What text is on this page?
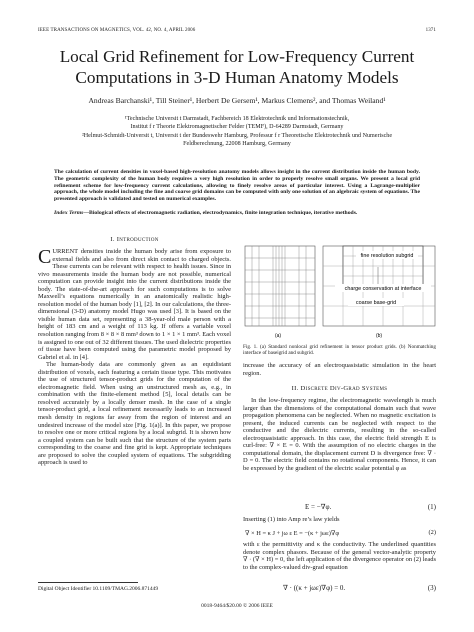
IEEE TRANSACTIONS ON MAGNETICS, VOL. 42, NO. 4, APRIL 2006	1371
Local Grid Refinement for Low-Frequency Current
Computations in 3-D Human Anatomy Models
Andreas Barchanski¹, Till Steiner¹, Herbert De Gersem¹, Markus Clemens², and Thomas Weiland¹
¹Technische Universit t Darmstadt, Fachbereich 18 Elektrotechnik und Informationstechnik,
Institut f r Theorie Elektromagnetischer Felder (TEMF), D-64289 Darmstadt, Germany
²Helmut-Schmidt-Universit t, Universit t der Bundeswehr Hamburg, Professur f r Theoretische Elektrotechnik und Numerische
Feldberechnung, 22008 Hamburg, Germany
The calculation of current densities in voxel-based high-resolution anatomy models allows insight in the current distribution inside the human body. The geometric complexity of the human body requires a very high resolution in order to properly resolve small organs. We present a local grid refinement scheme for low-frequency current calculations, allowing to finely resolve areas of particular interest. Using a Lagrange-multiplier approach, the whole model including the fine and coarse grid domains can be computed with only one solution of an algebraic system of equations. The presented approach is validated and tested on numerical examples.
Index Terms—Biological effects of electromagnetic radiation, electrodynamics, finite integration technique, iterative methods.
I. Introduction

CURRENT densities inside the human body arise from exposure to external fields and also from direct skin contact to charged objects. These currents can be relevant with respect to health issues. Since in vivo measurements inside the human body are not possible, numerical computation can provide insight into the current distributions inside the body. The state-of-the-art approach for such computations is to solve Maxwell’s equations numerically in an anatomically realistic high-resolution model of the human body [1], [2]. In our calculations, the three-dimensional (3-D) anatomy model Hugo was used [3]. It is based on the visible human data set, representing a 38-year-old male person with a height of 183 cm and a weight of 113 kg. If offers a variable voxel resolution ranging from 8 × 8 × 8 mm³ down to 1 × 1 × 1 mm³. Each voxel is assigned to one out of 32 different tissues. The used dielectric properties of tissue have been computed using the parametric model proposed by Gabriel et al. in [4].

The human-body data are commonly given as an equidistant distribution of voxels, each featuring a certain tissue type. This motivates the use of structured tensor-product grids for the computation of the electromagnetic field. When using an unstructured mesh as, e.g., in combination with the finite-element method [5], local details can be resolved accurately by a locally denser mesh. In the case of a single tensor-product grid, a local refinement necessarily leads to an increased mesh density in regions far away from the region of interest and an undesired increase of the model size [Fig. 1(a)]. In this paper, we propose to resolve one or more critical regions by a local subgrid. It is shown how a coupled system can be built such that the structure of the system parts corresponding to the coarse and fine grid is kept. Appropriate techniques are proposed to solve the coupled system of equations. The subgridding approach is used to

(a)
fine resolution subgrid
charge conservation at interface
coarse base-grid
(b)
Fig. 1. (a) Standard nonlocal grid refinement in tensor product grids. (b) Nonmatching interface of baseigrid and subgrid.
increase the accuracy of an electroquasistatic simulation in the heart region.
II. Discrete Div-Grad Systems
In the low-frequency regime, the electromagnetic wavelength is much larger than the dimensions of the computational domain such that wave propagation phenomena can be neglected. When no magnetic excitation is present, the induced currents can be neglected with respect to the conductive and the dielectric currents, resulting in the so-called electroquasistatic approach. In this case, the electric field strength E is curl-free: ∇ × E = 0. With the assumption of no electric charges in the computational domain, the displacement current D is divergence free: ∇ · D = 0. The electric field contains no rotational components. Hence, it can be expressed by the gradient of the electric scalar potential φ as
E = −∇φ.	(1)
Inserting (1) into Amp re’s law yields
∇ × H = κ J + jω ε E = −(κ + jωε)∇φ	(2)
with ε the permittivity and κ the conductivity. The underlined quantities denote complex phasors. Because of the general vector-analytic property ∇ · (∇ × H) = 0, the left application of the divergence operator on (2) leads to the complex-valued div-grad equation
∇ · ((κ + jωε)∇φ) = 0.	(3)
Digital Object Identifier 10.1109/TMAG.2006.871449
0018-9464/$20.00 © 2006 IEEE
